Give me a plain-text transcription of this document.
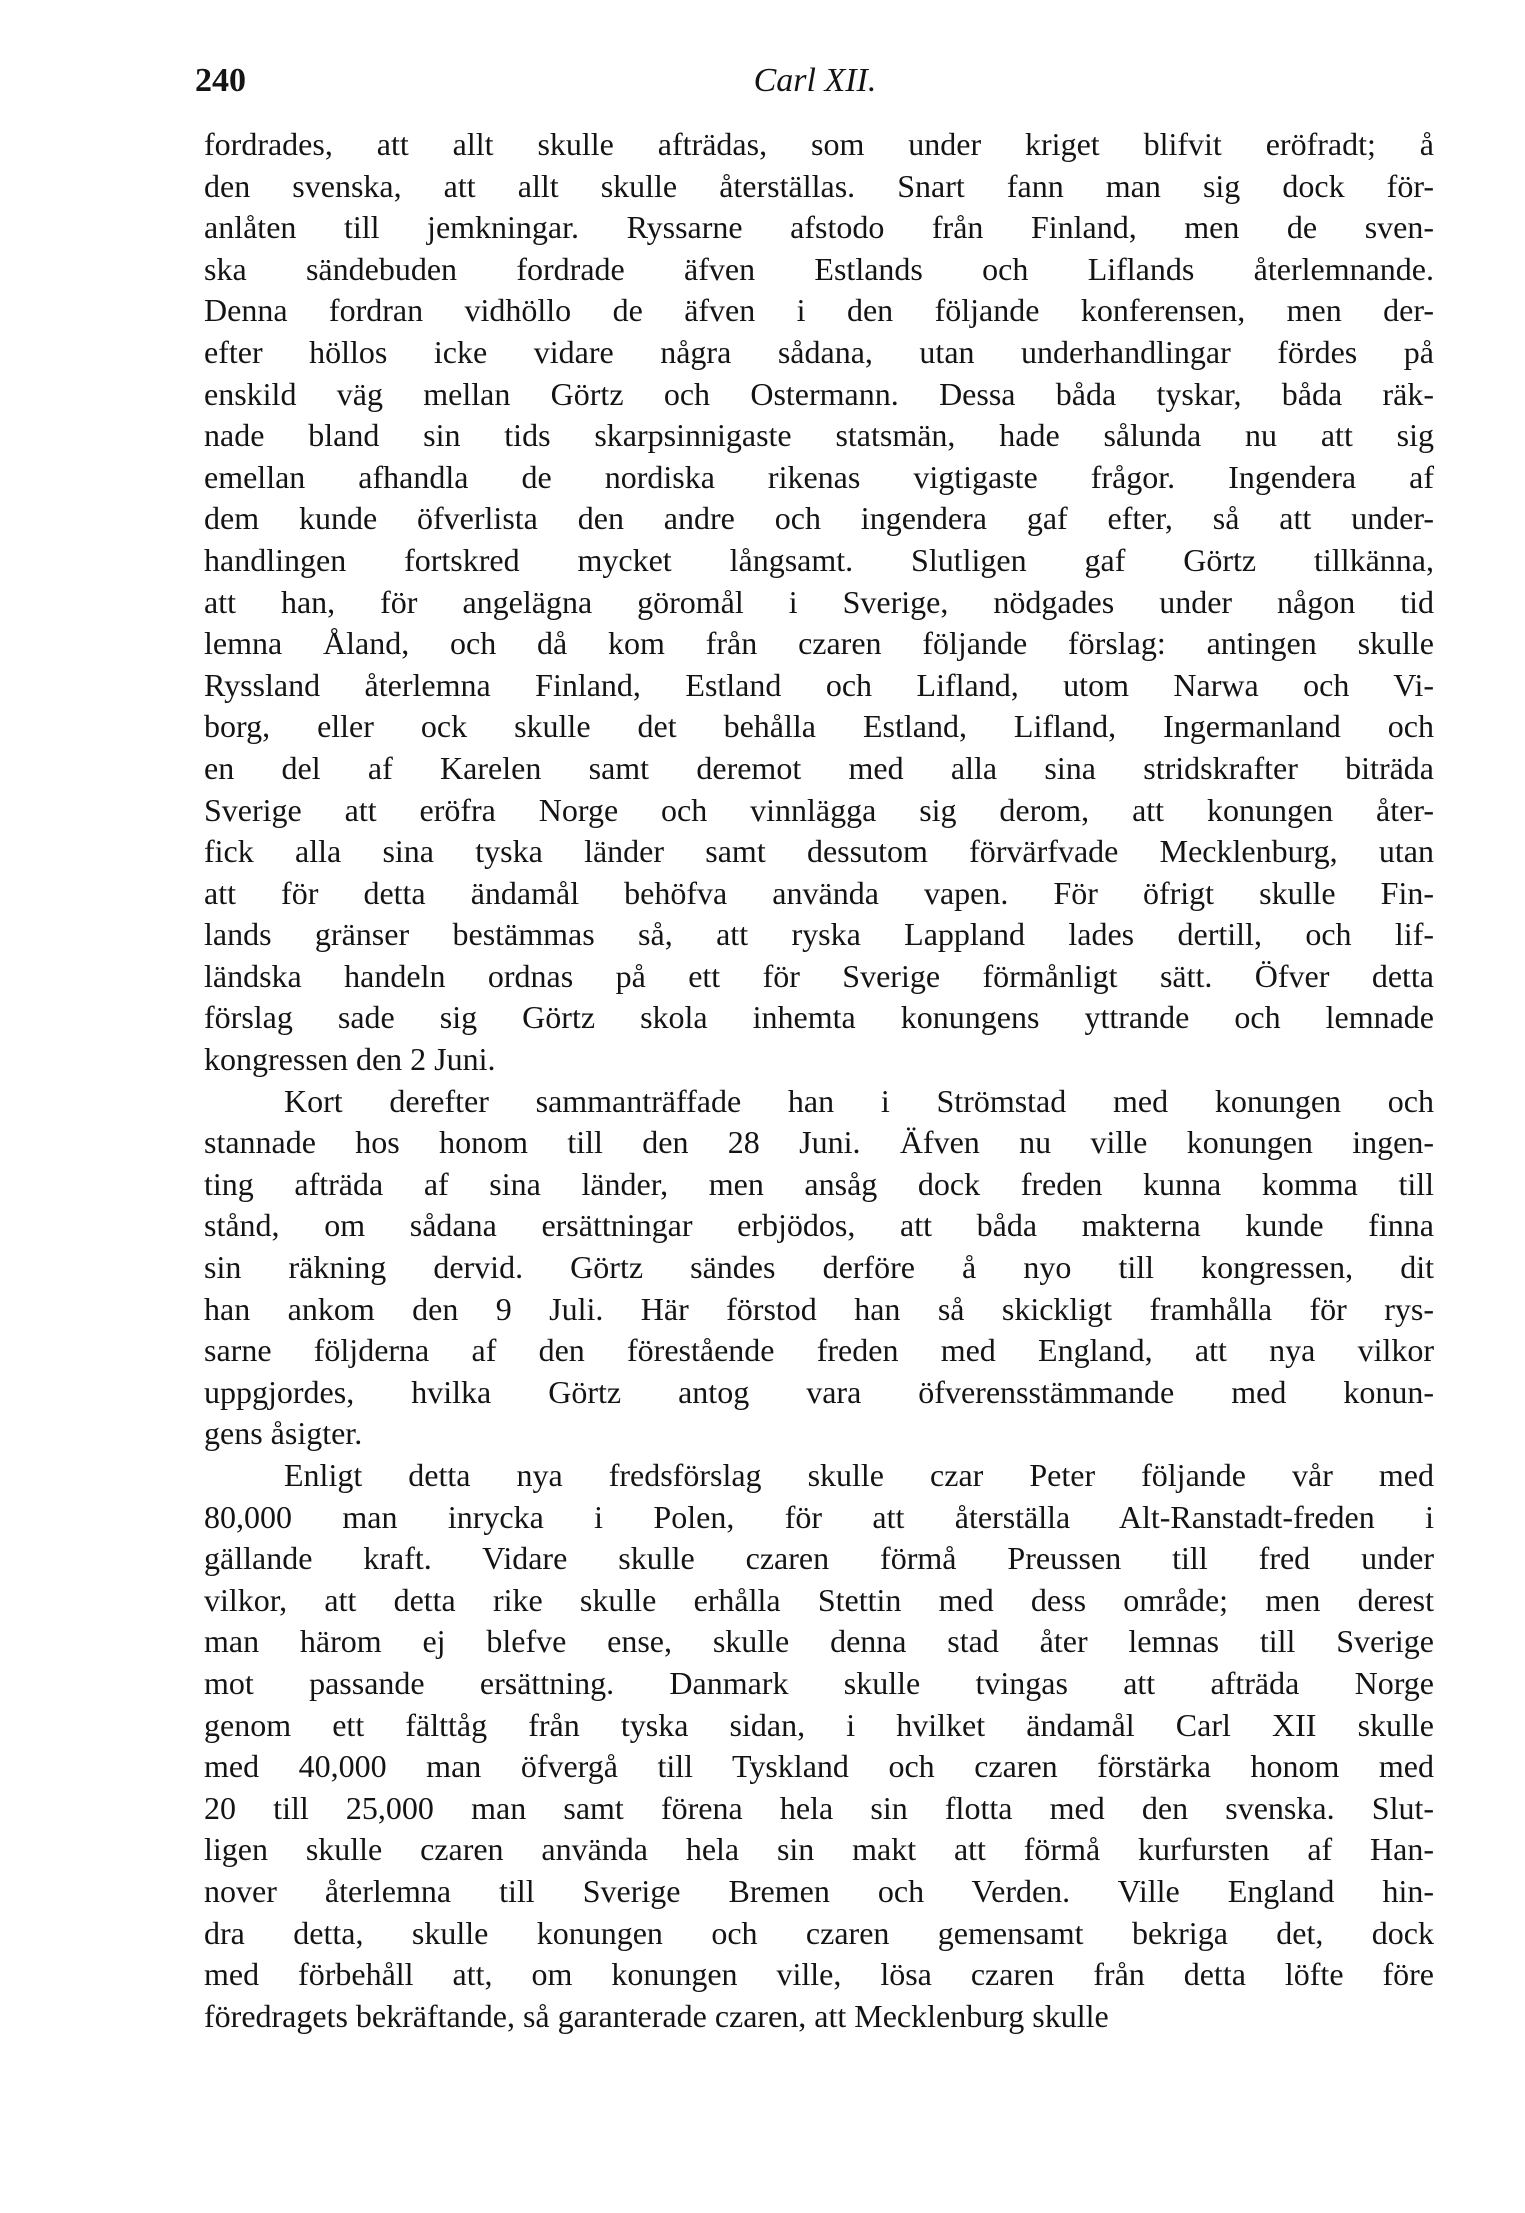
240	Carl XII.

fordrades, att allt skulle afträdas, som under kriget blifvit eröfradt; å
den svenska, att allt skulle återställas. Snart fann man sig dock för-
anlåten till jemkningar. Ryssarne afstodo från Finland, men de sven-
ska sändebuden fordrade äfven Estlands och Liflands återlemnande.
Denna fordran vidhöllo de äfven i den följande konferensen, men der-
efter höllos icke vidare några sådana, utan underhandlingar fördes på
enskild väg mellan Görtz och Ostermann. Dessa båda tyskar, båda räk-
nade bland sin tids skarpsinnigaste statsmän, hade sålunda nu att sig
emellan afhandla de nordiska rikenas vigtigaste frågor. Ingendera af
dem kunde öfverlista den andre och ingendera gaf efter, så att under-
handlingen fortskred mycket långsamt. Slutligen gaf Görtz tillkänna,
att han, för angelägna göromål i Sverige, nödgades under någon tid
lemna Åland, och då kom från czaren följande förslag: antingen skulle
Ryssland återlemna Finland, Estland och Lifland, utom Narwa och Vi-
borg, eller ock skulle det behålla Estland, Lifland, Ingermanland och
en del af Karelen samt deremot med alla sina stridskrafter biträda
Sverige att eröfra Norge och vinnlägga sig derom, att konungen åter-
fick alla sina tyska länder samt dessutom förvärfvade Mecklenburg, utan
att för detta ändamål behöfva använda vapen. För öfrigt skulle Fin-
lands gränser bestämmas så, att ryska Lappland lades dertill, och lif-
ländska handeln ordnas på ett för Sverige förmånligt sätt. Öfver detta
förslag sade sig Görtz skola inhemta konungens yttrande och lemnade
kongressen den 2 Juni.

Kort derefter sammanträffade han i Strömstad med konungen och
stannade hos honom till den 28 Juni. Äfven nu ville konungen ingen-
ting afträda af sina länder, men ansåg dock freden kunna komma till
stånd, om sådana ersättningar erbjödos, att båda makterna kunde finna
sin räkning dervid. Görtz sändes derföre å nyo till kongressen, dit
han ankom den 9 Juli. Här förstod han så skickligt framhålla för rys-
sarne följderna af den förestående freden med England, att nya vilkor
uppgjordes, hvilka Görtz antog vara öfverensstämmande med konun-
gens åsigter.

Enligt detta nya fredsförslag skulle czar Peter följande vår med
80,000 man inrycka i Polen, för att återställa Alt-Ranstadt-freden i
gällande kraft. Vidare skulle czaren förmå Preussen till fred under
vilkor, att detta rike skulle erhålla Stettin med dess område; men derest
man härom ej blefve ense, skulle denna stad åter lemnas till Sverige
mot passande ersättning. Danmark skulle tvingas att afträda Norge
genom ett fälttåg från tyska sidan, i hvilket ändamål Carl XII skulle
med 40,000 man öfvergå till Tyskland och czaren förstärka honom med
20 till 25,000 man samt förena hela sin flotta med den svenska. Slut-
ligen skulle czaren använda hela sin makt att förmå kurfursten af Han-
nover återlemna till Sverige Bremen och Verden. Ville England hin-
dra detta, skulle konungen och czaren gemensamt bekriga det, dock
med förbehåll att, om konungen ville, lösa czaren från detta löfte före
föredragets bekräftande, så garanterade czaren, att Mecklenburg skulle
